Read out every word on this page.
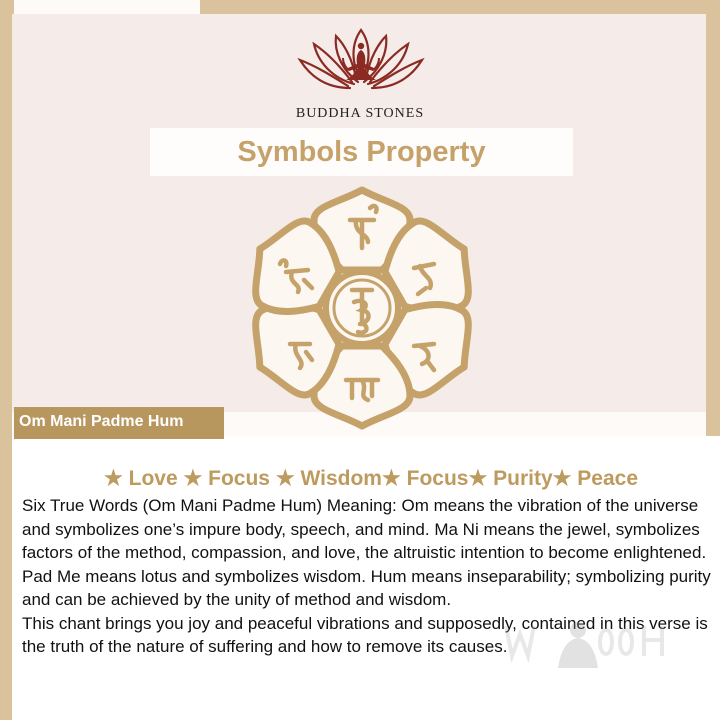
BUDDHA STONES
Symbols Property
Om Mani Padme Hum
★ Love ★ Focus ★ Wisdom★ Focus★ Purity★ Peace

Six True Words (Om Mani Padme Hum) Meaning: Om means the vibration of the universe and symbolizes one’s impure body, speech, and mind. Ma Ni means the jewel, symbolizes factors of the method, compassion, and love, the altruistic intention to become enlightened. Pad Me means lotus and symbolizes wisdom. Hum means inseparability; symbolizing purity and can be achieved by the unity of method and wisdom.

This chant brings you joy and peaceful vibrations and supposedly, contained in this verse is the truth of the nature of suffering and how to remove its causes.
